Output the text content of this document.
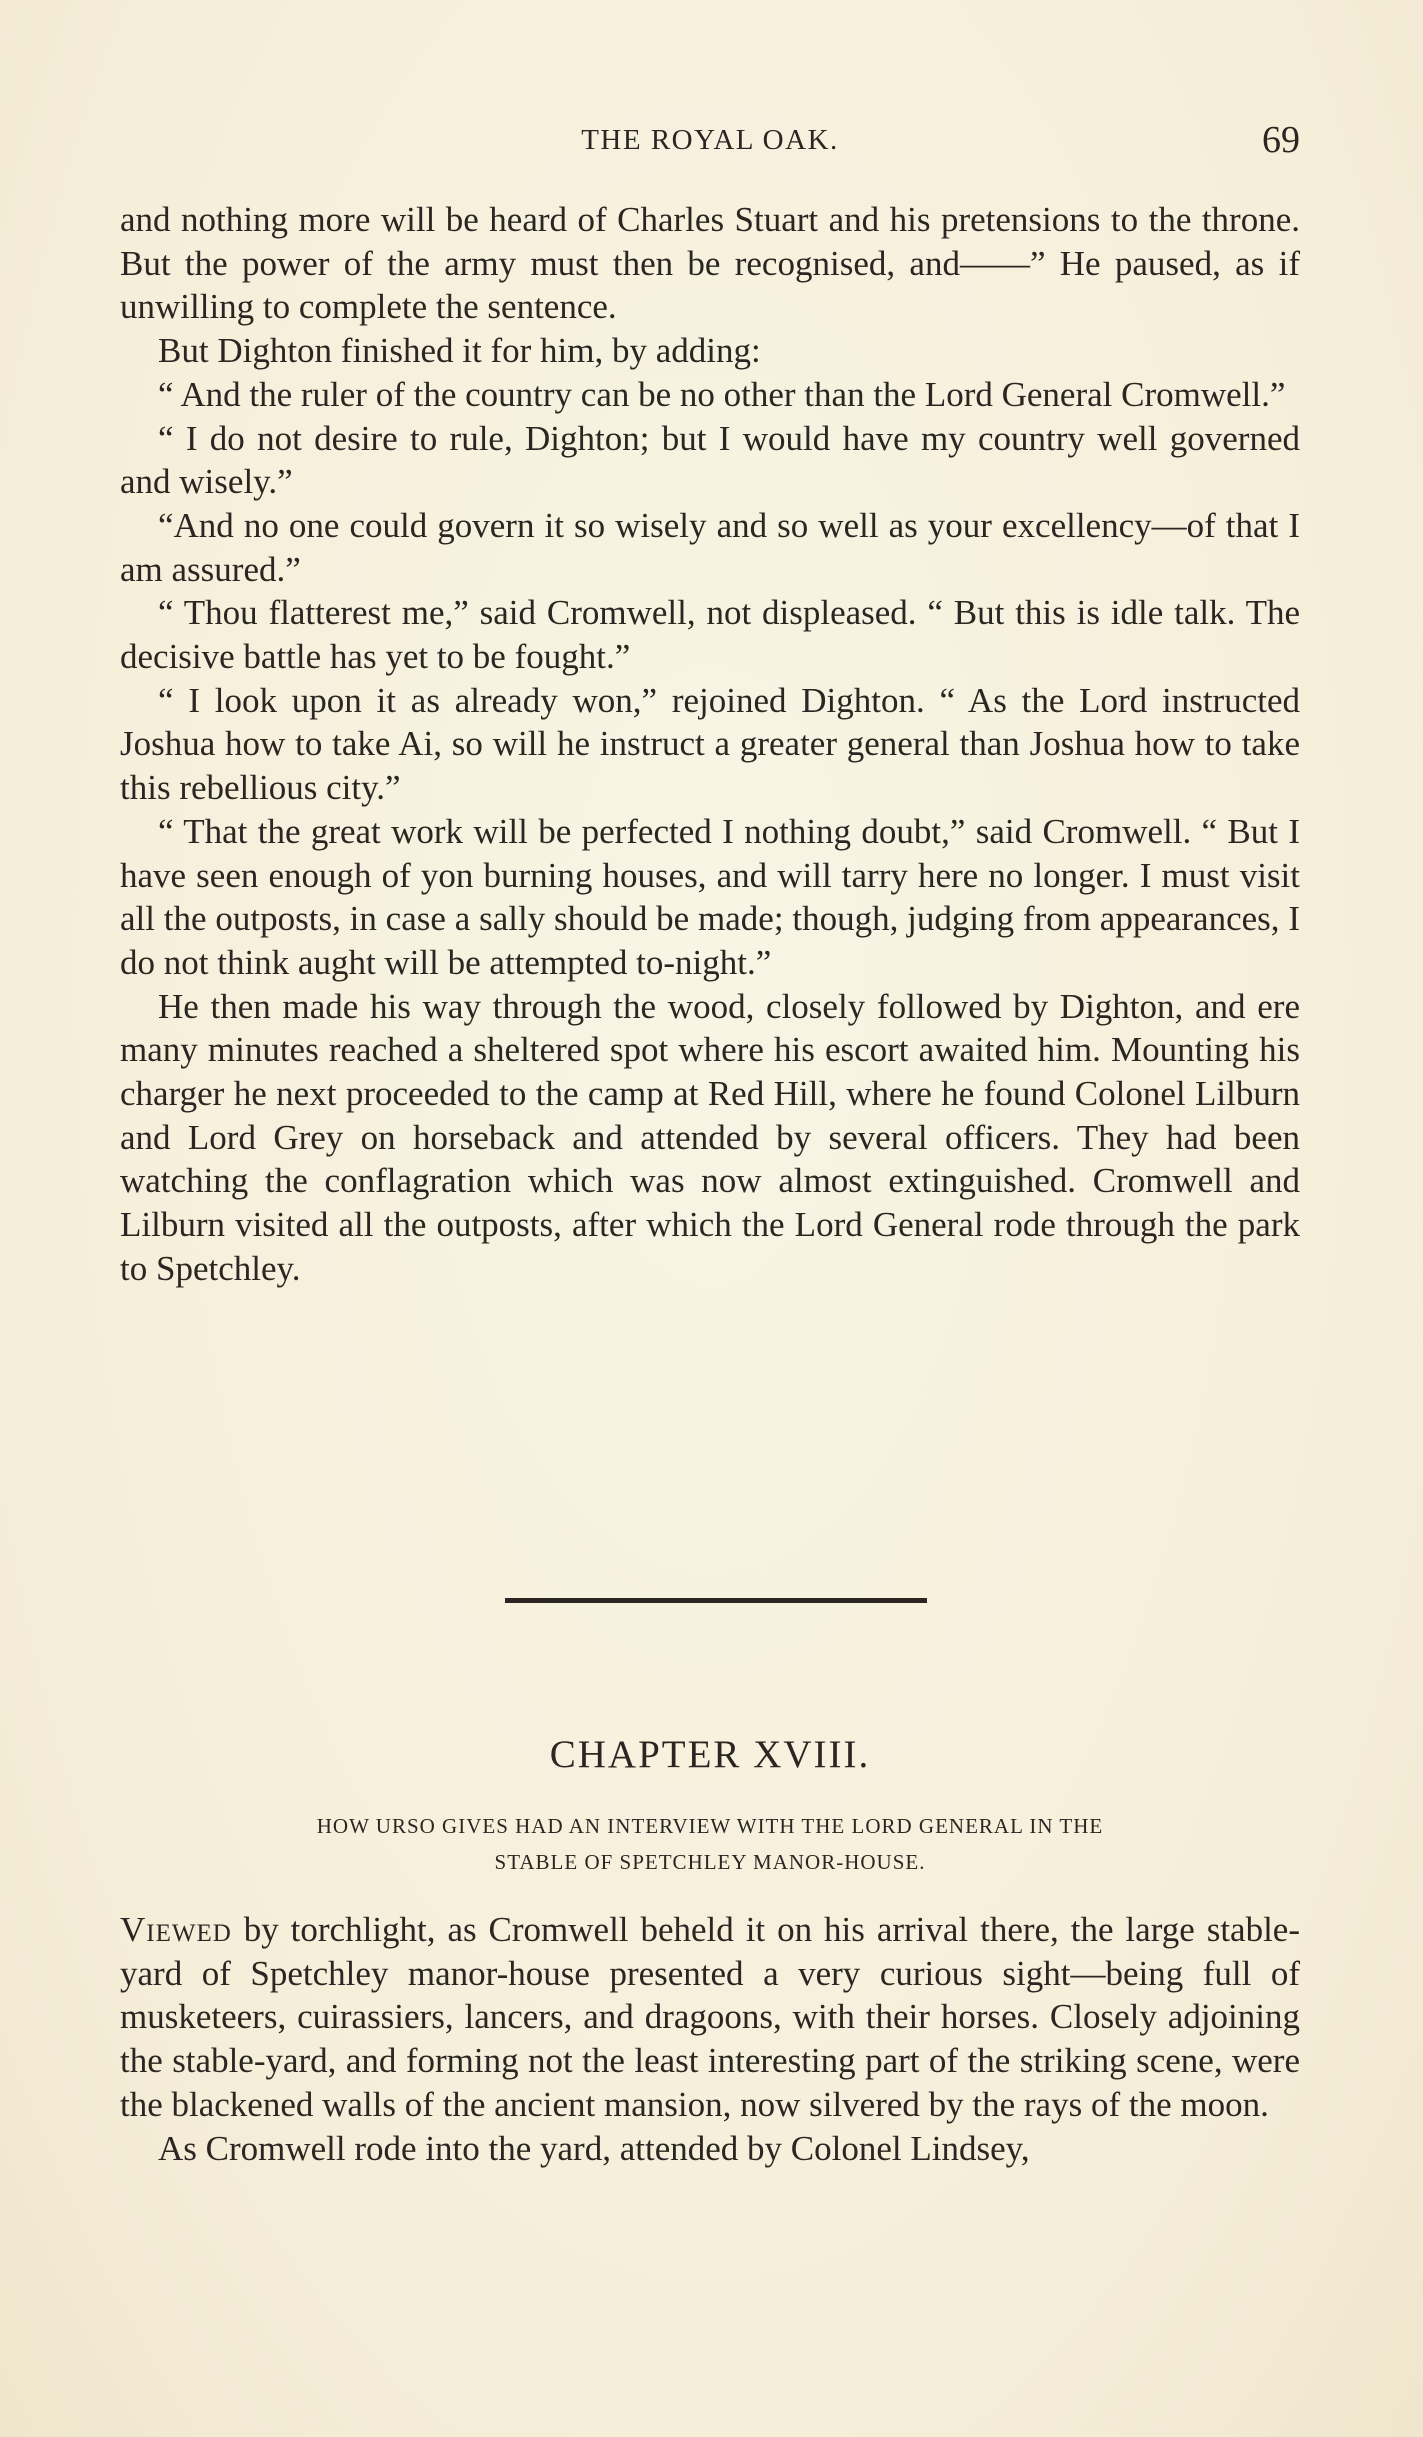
THE ROYAL OAK.	69

and nothing more will be heard of Charles Stuart and his pretensions to the throne. But the power of the army must then be recognised, and——” He paused, as if unwilling to complete the sentence.

But Dighton finished it for him, by adding:

“ And the ruler of the country can be no other than the Lord General Cromwell.”

“ I do not desire to rule, Dighton; but I would have my country well governed and wisely.”

“And no one could govern it so wisely and so well as your excellency—of that I am assured.”

“ Thou flatterest me,” said Cromwell, not displeased. “ But this is idle talk. The decisive battle has yet to be fought.”

“ I look upon it as already won,” rejoined Dighton. “ As the Lord instructed Joshua how to take Ai, so will he instruct a greater general than Joshua how to take this rebellious city.”

“ That the great work will be perfected I nothing doubt,” said Cromwell. “ But I have seen enough of yon burning houses, and will tarry here no longer. I must visit all the outposts, in case a sally should be made; though, judging from appearances, I do not think aught will be attempted to-night.”

He then made his way through the wood, closely followed by Dighton, and ere many minutes reached a sheltered spot where his escort awaited him. Mounting his charger he next proceeded to the camp at Red Hill, where he found Colonel Lilburn and Lord Grey on horseback and attended by several officers. They had been watching the conflagration which was now almost extinguished. Cromwell and Lilburn visited all the outposts, after which the Lord General rode through the park to Spetchley.

CHAPTER XVIII.
HOW URSO GIVES HAD AN INTERVIEW WITH THE LORD GENERAL IN THE
STABLE OF SPETCHLEY MANOR-HOUSE.

Viewed by torchlight, as Cromwell beheld it on his arrival there, the large stable-yard of Spetchley manor-house presented a very curious sight—being full of musketeers, cuirassiers, lancers, and dragoons, with their horses. Closely adjoining the stable-yard, and forming not the least interesting part of the striking scene, were the blackened walls of the ancient mansion, now silvered by the rays of the moon.

As Cromwell rode into the yard, attended by Colonel Lindsey,
